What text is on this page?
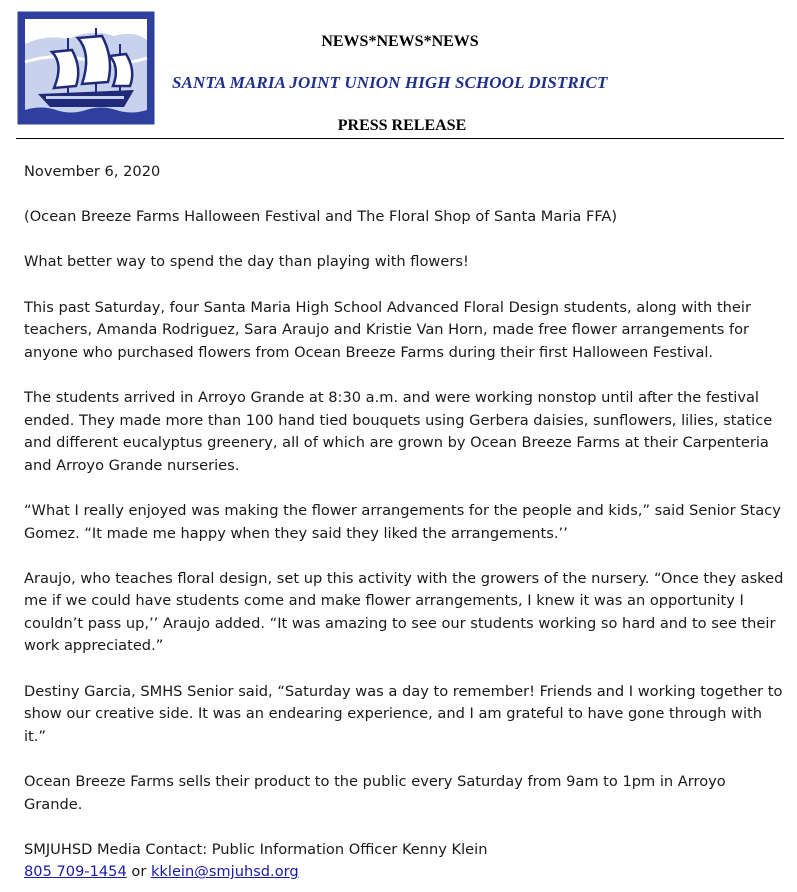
NEWS*NEWS*NEWS
SANTA MARIA JOINT UNION HIGH SCHOOL DISTRICT
PRESS RELEASE

November 6, 2020

(Ocean Breeze Farms Halloween Festival and The Floral Shop of Santa Maria FFA)

What better way to spend the day than playing with flowers!

This past Saturday, four Santa Maria High School Advanced Floral Design students, along with their teachers, Amanda Rodriguez, Sara Araujo and Kristie Van Horn, made free flower arrangements for anyone who purchased flowers from Ocean Breeze Farms during their first Halloween Festival.

The students arrived in Arroyo Grande at 8:30 a.m. and were working nonstop until after the festival ended. They made more than 100 hand tied bouquets using Gerbera daisies, sunflowers, lilies, statice and different eucalyptus greenery, all of which are grown by Ocean Breeze Farms at their Carpenteria and Arroyo Grande nurseries.

“What I really enjoyed was making the flower arrangements for the people and kids,” said Senior Stacy Gomez. “It made me happy when they said they liked the arrangements.’’

Araujo, who teaches floral design, set up this activity with the growers of the nursery. “Once they asked me if we could have students come and make flower arrangements, I knew it was an opportunity I couldn’t pass up,’’ Araujo added. “It was amazing to see our students working so hard and to see their work appreciated.”

Destiny Garcia, SMHS Senior said, “Saturday was a day to remember! Friends and I working together to show our creative side. It was an endearing experience, and I am grateful to have gone through with it.”

Ocean Breeze Farms sells their product to the public every Saturday from 9am to 1pm in Arroyo Grande.

SMJUHSD Media Contact: Public Information Officer Kenny Klein
805 709-1454 or kklein@smjuhsd.org
